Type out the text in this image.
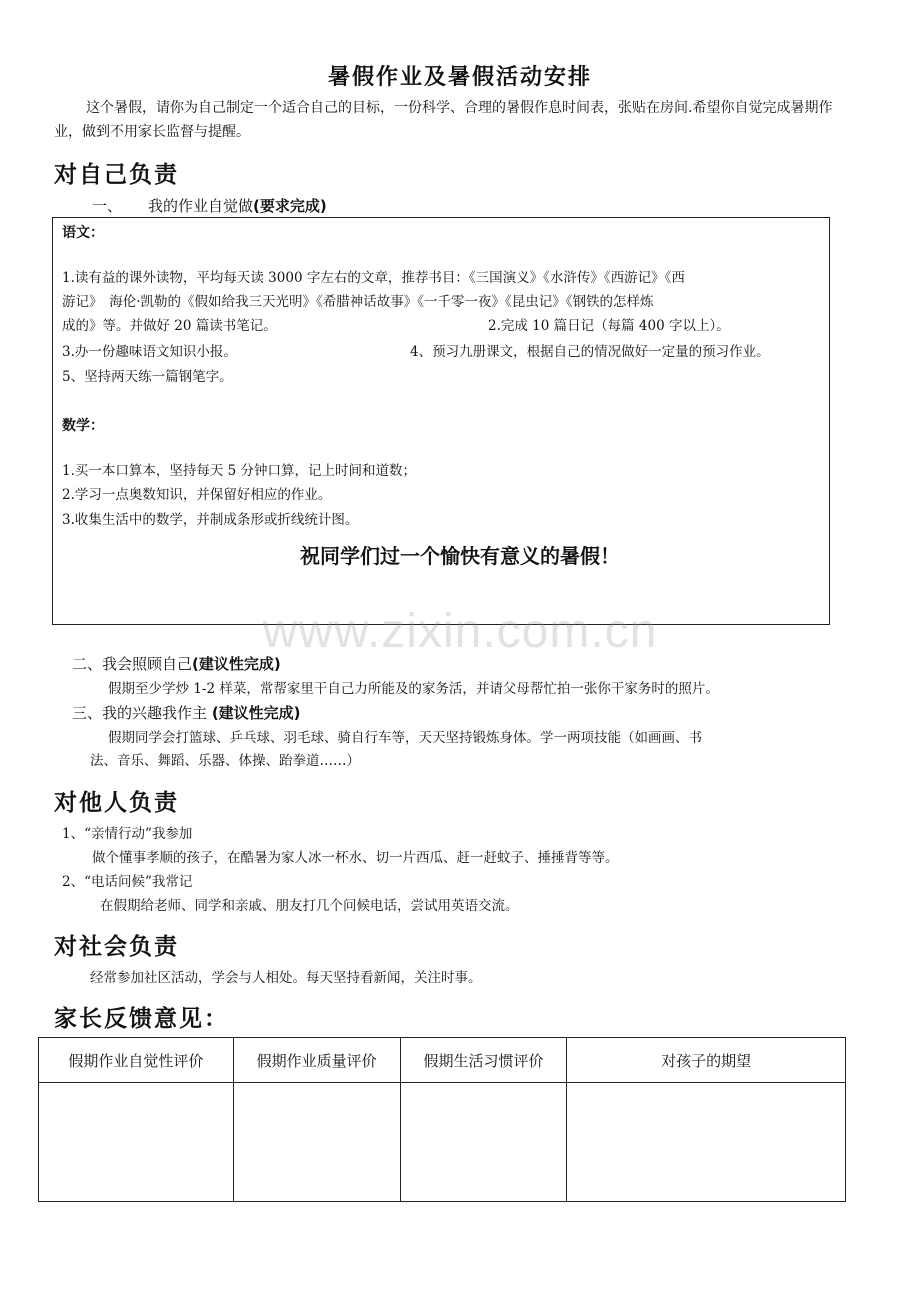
暑假作业及暑假活动安排
这个暑假，请你为自己制定一个适合自己的目标，一份科学、合理的暑假作息时间表，张贴在房间.希望你自觉完成暑期作业，做到不用家长监督与提醒。
对自己负责
一、 我的作业自觉做(要求完成)
语文：
1.读有益的课外读物，平均每天读 3000 字左右的文章，推荐书目：《三国演义》《水浒传》《西游记》《西
游记》　海伦·凯勒的《假如给我三天光明》《希腊神话故事》《一千零一夜》《昆虫记》《钢铁的怎样炼
成的》等。并做好 20 篇读书笔记。	2.完成 10 篇日记（每篇 400 字以上）。
3.办一份趣味语文知识小报。	4、预习九册课文，根据自己的情况做好一定量的预习作业。
5、坚持两天练一篇钢笔字。
数学：
1.买一本口算本，坚持每天 5 分钟口算，记上时间和道数；
2.学习一点奥数知识，并保留好相应的作业。
3.收集生活中的数学，并制成条形或折线统计图。
祝同学们过一个愉快有意义的暑假！
www.zixin.com.cn
二、我会照顾自己(建议性完成)
假期至少学炒 1-2 样菜，常帮家里干自己力所能及的家务活，并请父母帮忙拍一张你干家务时的照片。
三、我的兴趣我作主 (建议性完成)
假期同学会打篮球、乒乓球、羽毛球、骑自行车等，天天坚持锻炼身体。学一两项技能（如画画、书
法、音乐、舞蹈、乐器、体操、跆拳道……）
对他人负责
1、“亲情行动”我参加
做个懂事孝顺的孩子，在酷暑为家人冰一杯水、切一片西瓜、赶一赶蚊子、捶捶背等等。
2、“电话问候”我常记
在假期给老师、同学和亲戚、朋友打几个问候电话，尝试用英语交流。
对社会负责
经常参加社区活动，学会与人相处。每天坚持看新闻，关注时事。
家长反馈意见：
假期作业自觉性评价	假期作业质量评价	假期生活习惯评价	对孩子的期望
